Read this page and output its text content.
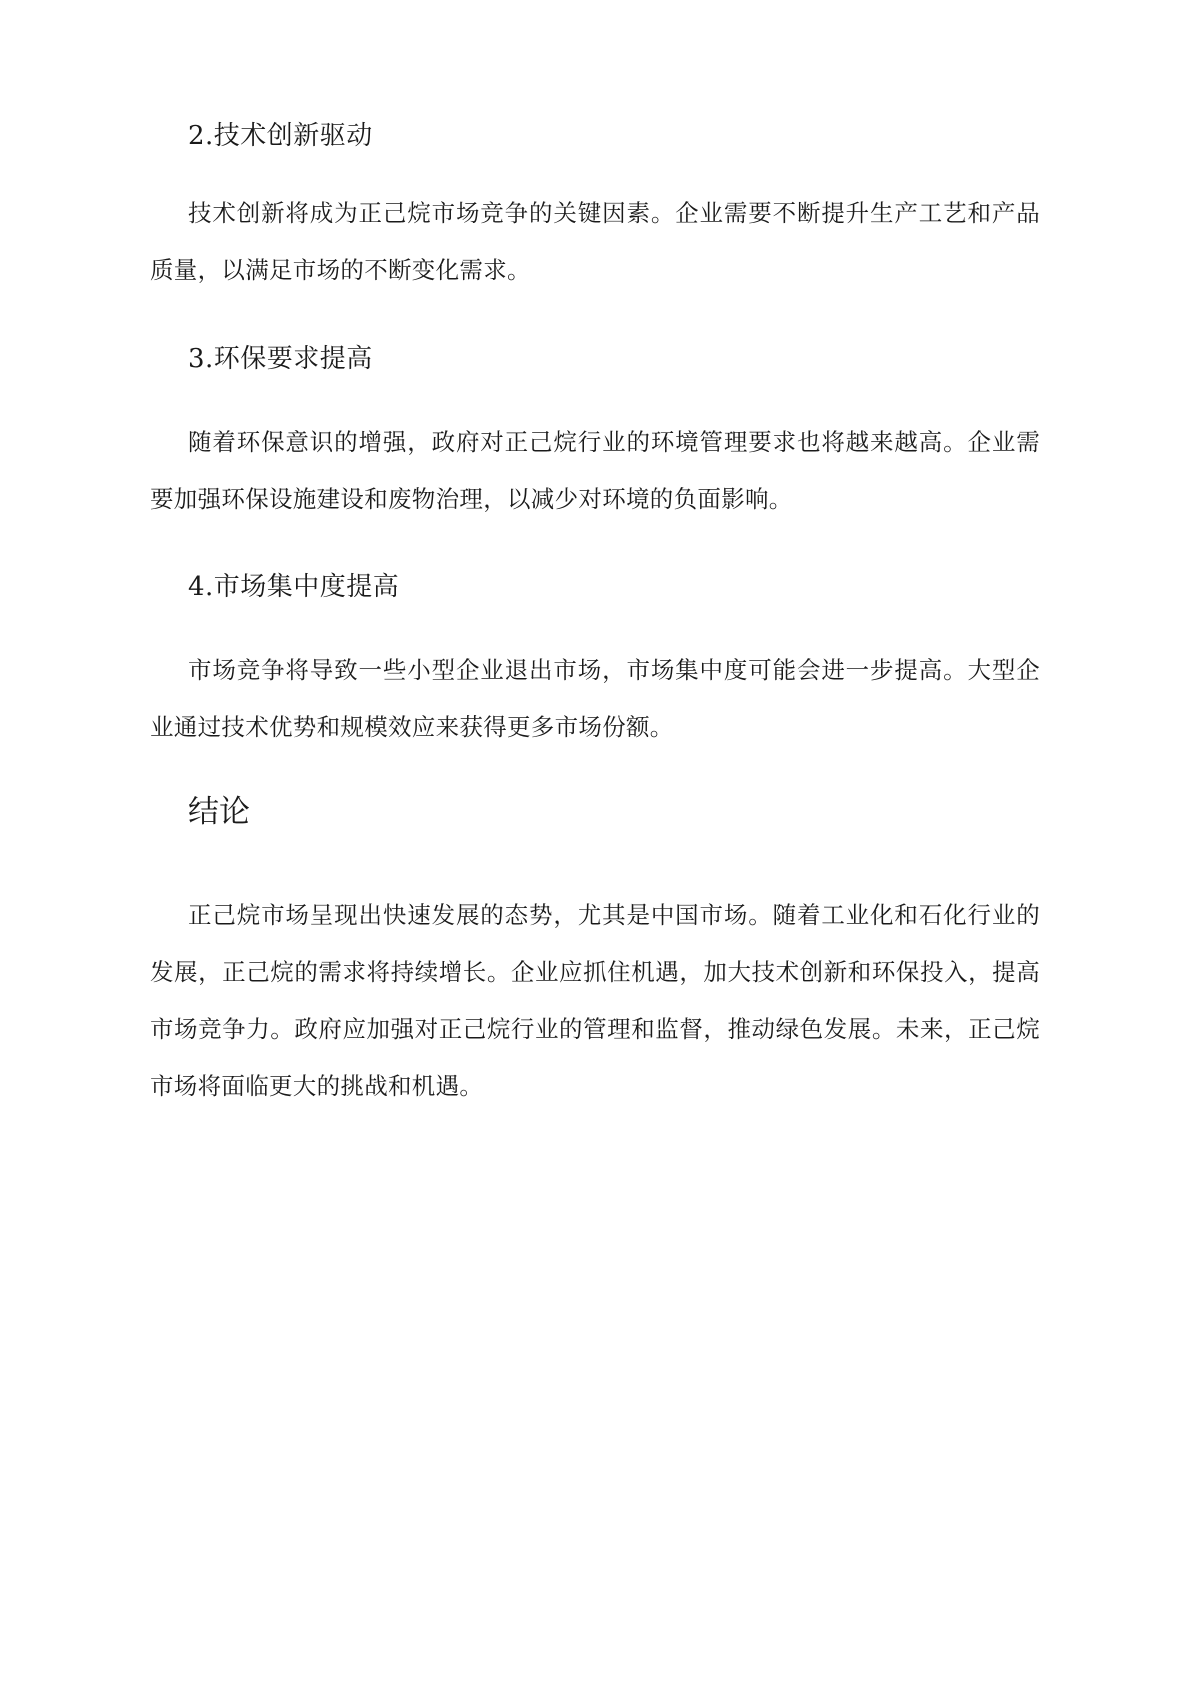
2.技术创新驱动

技术创新将成为正己烷市场竞争的关键因素。企业需要不断提升生产工艺和产品质量，以满足市场的不断变化需求。

3.环保要求提高

随着环保意识的增强，政府对正己烷行业的环境管理要求也将越来越高。企业需要加强环保设施建设和废物治理，以减少对环境的负面影响。

4.市场集中度提高

市场竞争将导致一些小型企业退出市场，市场集中度可能会进一步提高。大型企业通过技术优势和规模效应来获得更多市场份额。

结论

正己烷市场呈现出快速发展的态势，尤其是中国市场。随着工业化和石化行业的发展，正己烷的需求将持续增长。企业应抓住机遇，加大技术创新和环保投入，提高市场竞争力。政府应加强对正己烷行业的管理和监督，推动绿色发展。未来，正己烷市场将面临更大的挑战和机遇。
